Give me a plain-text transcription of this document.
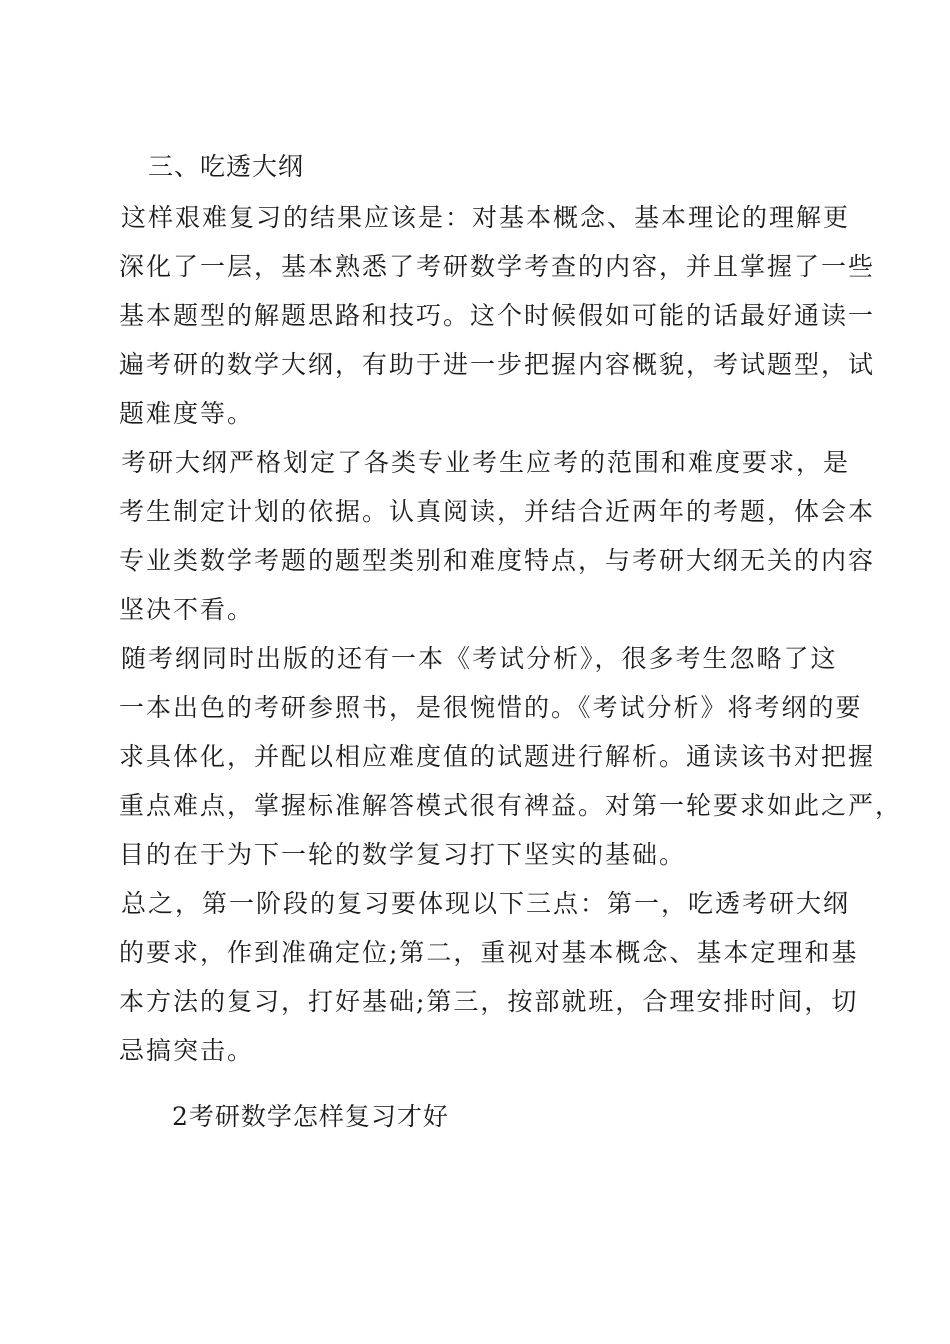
三、吃透大纲
这样艰难复习的结果应该是：对基本概念、基本理论的理解更
深化了一层，基本熟悉了考研数学考查的内容，并且掌握了一些
基本题型的解题思路和技巧。这个时候假如可能的话最好通读一
遍考研的数学大纲，有助于进一步把握内容概貌，考试题型，试
题难度等。
考研大纲严格划定了各类专业考生应考的范围和难度要求，是
考生制定计划的依据。认真阅读，并结合近两年的考题，体会本
专业类数学考题的题型类别和难度特点，与考研大纲无关的内容
坚决不看。
随考纲同时出版的还有一本《考试分析》，很多考生忽略了这
一本出色的考研参照书，是很惋惜的。《考试分析》将考纲的要
求具体化，并配以相应难度值的试题进行解析。通读该书对把握
重点难点，掌握标准解答模式很有裨益。对第一轮要求如此之严，
目的在于为下一轮的数学复习打下坚实的基础。
总之，第一阶段的复习要体现以下三点：第一，吃透考研大纲
的要求，作到准确定位;第二，重视对基本概念、基本定理和基
本方法的复习，打好基础;第三，按部就班，合理安排时间，切
忌搞突击。
2考研数学怎样复习才好
